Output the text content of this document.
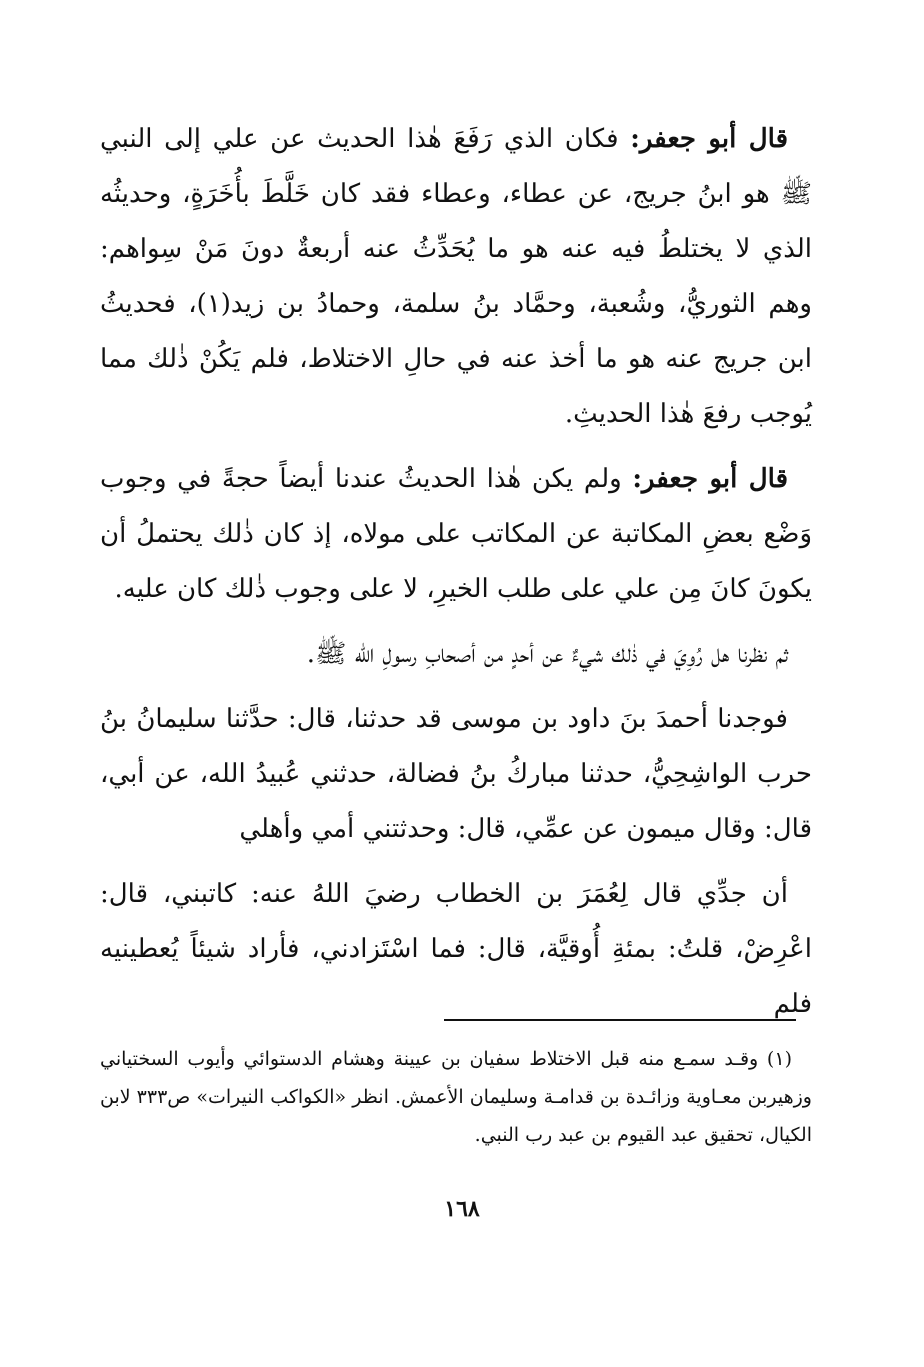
قال أبو جعفر: فكان الذي رَفَعَ هٰذا الحديث عن علي إلى النبي ﷺ هو ابنُ جريج، عن عطاء، وعطاء فقد كان خَلَّطَ بأُخَرَةٍ، وحديثُه الذي لا يختلطُ فيه عنه هو ما يُحَدِّثُ عنه أربعةٌ دونَ مَنْ سِواهم: وهم الثوريُّ، وشُعبة، وحمَّاد بنُ سلمة، وحمادُ بن زيد(١)، فحديثُ ابن جريج عنه هو ما أخذ عنه في حالِ الاختلاط، فلم يَكُنْ ذٰلك مما يُوجب رفعَ هٰذا الحديثِ.

قال أبو جعفر: ولم يكن هٰذا الحديثُ عندنا أيضاً حجةً في وجوب وَضْع بعضِ المكاتبة عن المكاتب على مولاه، إذ كان ذٰلك يحتملُ أن يكونَ كانَ مِن علي على طلب الخيرِ، لا على وجوب ذٰلك كان عليه.

ثم نظرنا هل رُوِيَ في ذٰلك شيءٌ عن أحدٍ من أصحابِ رسولِ الله ﷺ.

فوجدنا أحمدَ بنَ داود بن موسى قد حدثنا، قال: حدَّثنا سليمانُ بنُ حرب الواشِحِيُّ، حدثنا مباركُ بنُ فضالة، حدثني عُبيدُ الله، عن أبي، قال: وقال ميمون عن عمِّي، قال: وحدثتني أمي وأهلي

أن جدِّي قال لِعُمَرَ بن الخطاب رضيَ اللهُ عنه: كاتبني، قال: اعْرِضْ، قلتُ: بمئةِ أُوقيَّة، قال: فما اسْتَزادني، فأراد شيئاً يُعطينيه فلم

(١) وقـد سمـع منه قبل الاختلاط سفيان بن عيينة وهشام الدستوائي وأيوب السختياني وزهيربن معـاوية وزائـدة بن قدامـة وسليمان الأعمش. انظر «الكواكب النيرات» ص٣٣٣ لابن الكيال، تحقيق عبد القيوم بن عبد رب النبي.

١٦٨
